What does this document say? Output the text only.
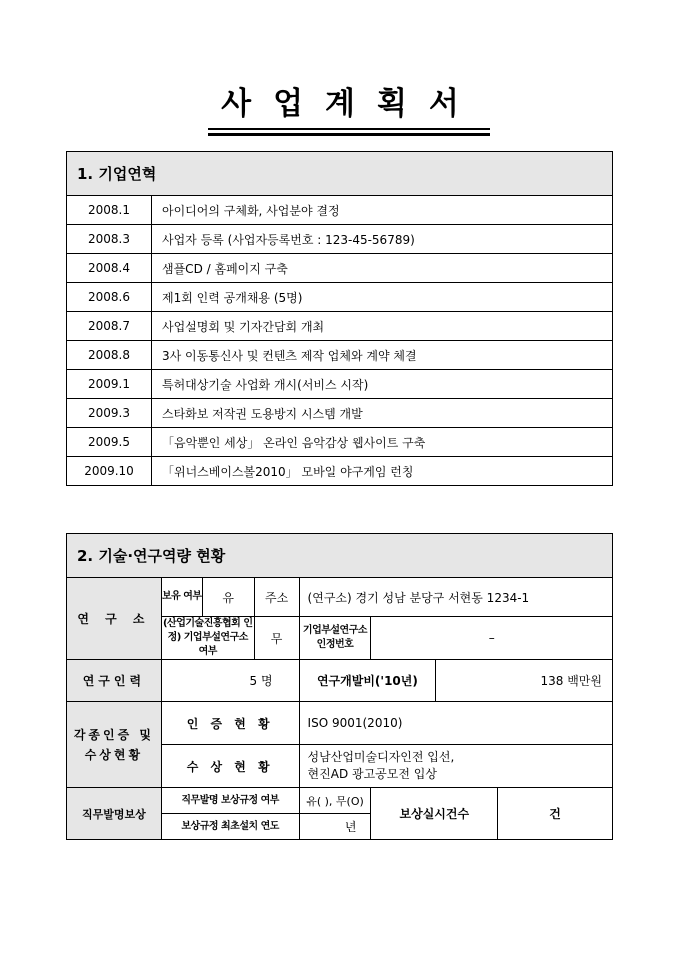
사업계획서
1. 기업연혁	
2008.1	아이디어의 구체화, 사업분야 결정
2008.3	사업자 등록 (사업자등록번호 : 123-45-56789)
2008.4	샘플CD / 홈페이지 구축
2008.6	제1회 인력 공개채용 (5명)
2008.7	사업설명회 및 기자간담회 개최
2008.8	3사 이동통신사 및 컨텐츠 제작 업체와 계약 체결
2009.1	특허대상기술 사업화 개시(서비스 시작)
2009.3	스타화보 저작권 도용방지 시스템 개발
2009.5	「음악뿐인 세상」 온라인 음악감상 웹사이트 구축
2009.10	「위너스베이스볼2010」 모바일 야구게임 런칭
2. 기술·연구역량 현황							
연 구 소	보유 여부	유	주소	(연구소) 경기 성남 분당구 서현동 1234-1			
	(산업기술진흥협회 인정) 기업부설연구소 여부		무	기업부설연구소 인정번호	–		
연구인력	5 명			연구개발비('10년)		138 백만원	
각종인증 및 수상현황	인 증 현 황			ISO 9001(2010)			
	수 상 현 황			성남산업미술디자인전 입선,
현진AD 광고공모전 입상			

직무발명보상	직무발명 보상규정 여부			유( ), 무(O)	보상실시건수		건
	보상규정 최초설치 연도			년			
